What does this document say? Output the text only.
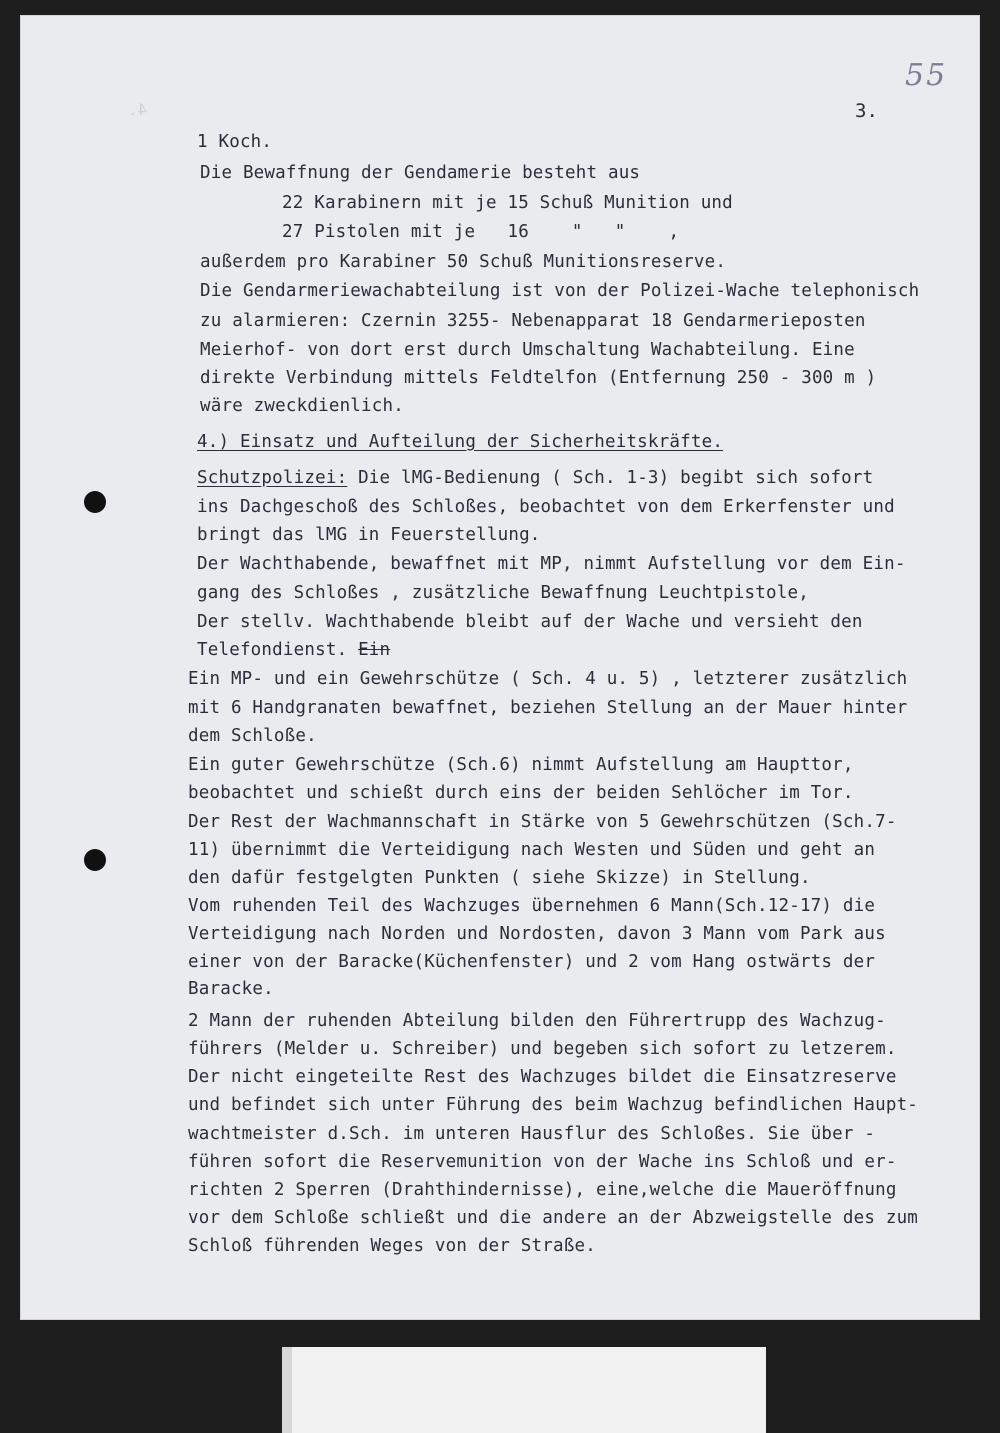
55
3.
4.

1 Koch.

Die Bewaffnung der Gendamerie besteht aus

22 Karabinern mit je 15 Schuß Munition und

27 Pistolen mit je   16    "   "    ,

außerdem pro Karabiner 50 Schuß Munitionsreserve.

Die Gendarmeriewachabteilung ist von der Polizei-Wache telephonisch

zu alarmieren: Czernin 3255- Nebenapparat 18 Gendarmerieposten

Meierhof- von dort erst durch Umschaltung Wachabteilung. Eine

direkte Verbindung mittels Feldtelfon (Entfernung 250 - 300 m )

wäre zweckdienlich.

4.) Einsatz und Aufteilung der Sicherheitskräfte.

Schutzpolizei: Die lMG-Bedienung ( Sch. 1-3) begibt sich sofort

ins Dachgeschoß des Schloßes, beobachtet von dem Erkerfenster und

bringt das lMG in Feuerstellung.

Der Wachthabende, bewaffnet mit MP, nimmt Aufstellung vor dem Ein-

gang des Schloßes , zusätzliche Bewaffnung Leuchtpistole,

Der stellv. Wachthabende bleibt auf der Wache und versieht den

Telefondienst. Ein

Ein MP- und ein Gewehrschütze ( Sch. 4 u. 5) , letzterer zusätzlich

mit 6 Handgranaten bewaffnet, beziehen Stellung an der Mauer hinter

dem Schloße.

Ein guter Gewehrschütze (Sch.6) nimmt Aufstellung am Haupttor,

beobachtet und schießt durch eins der beiden Sehlöcher im Tor.

Der Rest der Wachmannschaft in Stärke von 5 Gewehrschützen (Sch.7-

11) übernimmt die Verteidigung nach Westen und Süden und geht an

den dafür festgelgten Punkten ( siehe Skizze) in Stellung.

Vom ruhenden Teil des Wachzuges übernehmen 6 Mann(Sch.12-17) die

Verteidigung nach Norden und Nordosten, davon 3 Mann vom Park aus

einer von der Baracke(Küchenfenster) und 2 vom Hang ostwärts der

Baracke.

2 Mann der ruhenden Abteilung bilden den Führertrupp des Wachzug-

führers (Melder u. Schreiber) und begeben sich sofort zu letzerem.

Der nicht eingeteilte Rest des Wachzuges bildet die Einsatzreserve

und befindet sich unter Führung des beim Wachzug befindlichen Haupt-

wachtmeister d.Sch. im unteren Hausflur des Schloßes. Sie über -

führen sofort die Reservemunition von der Wache ins Schloß und er-

richten 2 Sperren (Drahthindernisse), eine,welche die Maueröffnung

vor dem Schloße schließt und die andere an der Abzweigstelle des zum

Schloß führenden Weges von der Straße.
